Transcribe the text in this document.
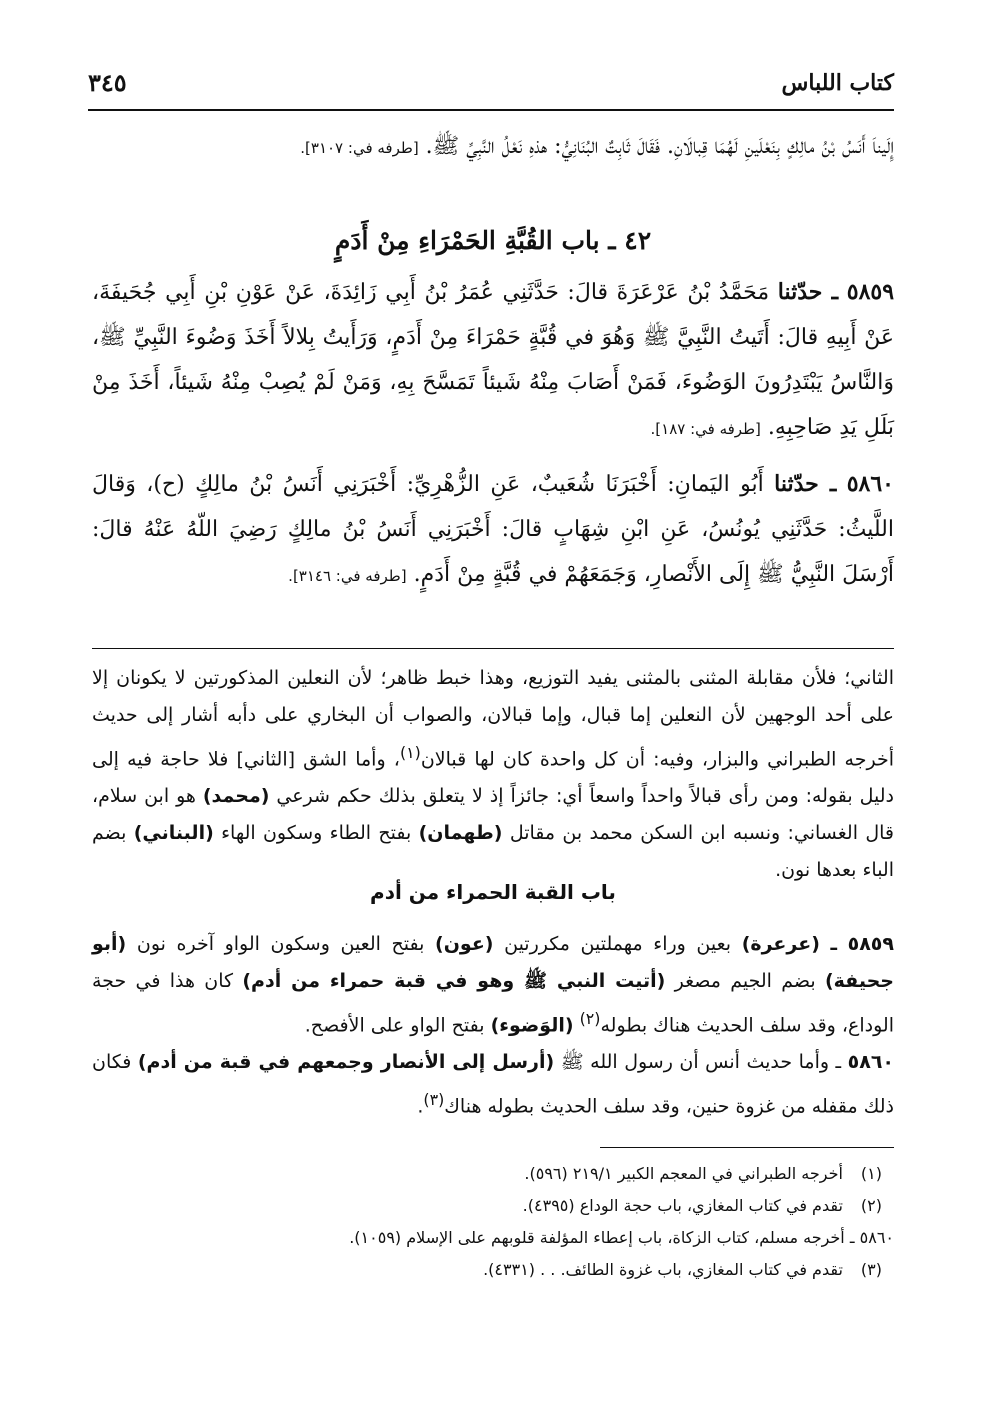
كتاب اللباس
٣٤٥
إِلَيناَ أَنَسُ بْنُ مالِكٍ بِنَعْلَينِ لَهُمَا قِبالَانِ. فَقَالَ ثَابِتٌ البُنَانِيُّ: هذهِ نَعْلُ النَّبِيِّ ﷺ. [طرفه في: ٣١٠٧].
٤٢ ـ باب القُبَّةِ الحَمْرَاءِ مِنْ أَدَمٍ
٥٨٥٩ ـ حدّثنا مَحَمَّدُ بْنُ عَرْعَرَةَ قالَ: حَدَّثَنِي عُمَرُ بْنُ أَبِي زَائِدَةَ، عَنْ عَوْنِ بْنِ أَبِي جُحَيفَةَ، عَنْ أَبِيهِ قالَ: أَتَيتُ النَّبِيَّ ﷺ وَهُوَ في قُبَّةٍ حَمْرَاءَ مِنْ أَدَمٍ، وَرَأَيتُ بِلالاً أَخَذَ وَضُوءَ النَّبِيِّ ﷺ، وَالنَّاسُ يَبْتَدِرُونَ الوَضُوءَ، فَمَنْ أَصَابَ مِنْهُ شَيئاً تَمَسَّحَ بِهِ، وَمَنْ لَمْ يُصِبْ مِنْهُ شَيئاً، أَخَذَ مِنْ بَلَلِ يَدِ صَاحِبِهِ. [طرفه في: ١٨٧].
٥٨٦٠ ـ حدّثنا أَبُو اليَمانِ: أَخْبَرَنَا شُعَيبٌ، عَنِ الزُّهْرِيِّ: أَخْبَرَنِي أَنَسُ بْنُ مالِكٍ (ح)، وَقالَ اللَّيثُ: حَدَّثَنِي يُونُسُ، عَنِ ابْنِ شِهَابٍ قالَ: أَخْبَرَنِي أَنَسُ بْنُ مالِكٍ رَضِيَ اللّهُ عَنْهُ قالَ: أَرْسَلَ النَّبِيُّ ﷺ إِلَى الأَنْصارِ، وَجَمَعَهُمْ في قُبَّةٍ مِنْ أَدَمٍ. [طرفه في: ٣١٤٦].
الثاني؛ فلأن مقابلة المثنى بالمثنى يفيد التوزيع، وهذا خبط ظاهر؛ لأن النعلين المذكورتين لا يكونان إلا على أحد الوجهين لأن النعلين إما قبال، وإما قبالان، والصواب أن البخاري على دأبه أشار إلى حديث أخرجه الطبراني والبزار، وفيه: أن كل واحدة كان لها قبالان$^{(١)}$، وأما الشق [الثاني] فلا حاجة فيه إلى دليل بقوله: ومن رأى قبالاً واحداً واسعاً أي: جائزاً إذ لا يتعلق بذلك حكم شرعي (محمد) هو ابن سلام، قال الغساني: ونسبه ابن السكن محمد بن مقاتل (طهمان) بفتح الطاء وسكون الهاء (البناني) بضم الباء بعدها نون.
باب القبة الحمراء من أدم
٥٨٥٩ ـ (عرعرة) بعين وراء مهملتين مكررتين (عون) بفتح العين وسكون الواو آخره نون (أبو جحيفة) بضم الجيم مصغر (أتيت النبي ﷺ وهو في قبة حمراء من أدم) كان هذا في حجة الوداع، وقد سلف الحديث هناك بطوله$^{(٢)}$ (الوَضوء) بفتح الواو على الأفصح.
٥٨٦٠ ـ وأما حديث أنس أن رسول الله ﷺ (أرسل إلى الأنصار وجمعهم في قبة من أدم) فكان ذلك مقفله من غزوة حنين، وقد سلف الحديث بطوله هناك$^{(٣)}$.
(١) أخرجه الطبراني في المعجم الكبير ٢١٩/١ (٥٩٦).
(٢) تقدم في كتاب المغازي، باب حجة الوداع (٤٣٩٥).
٥٨٦٠ ـ أخرجه مسلم، كتاب الزكاة، باب إعطاء المؤلفة قلوبهم على الإسلام (١٠٥٩).
(٣) تقدم في كتاب المغازي، باب غزوة الطائف. . . (٤٣٣١).
